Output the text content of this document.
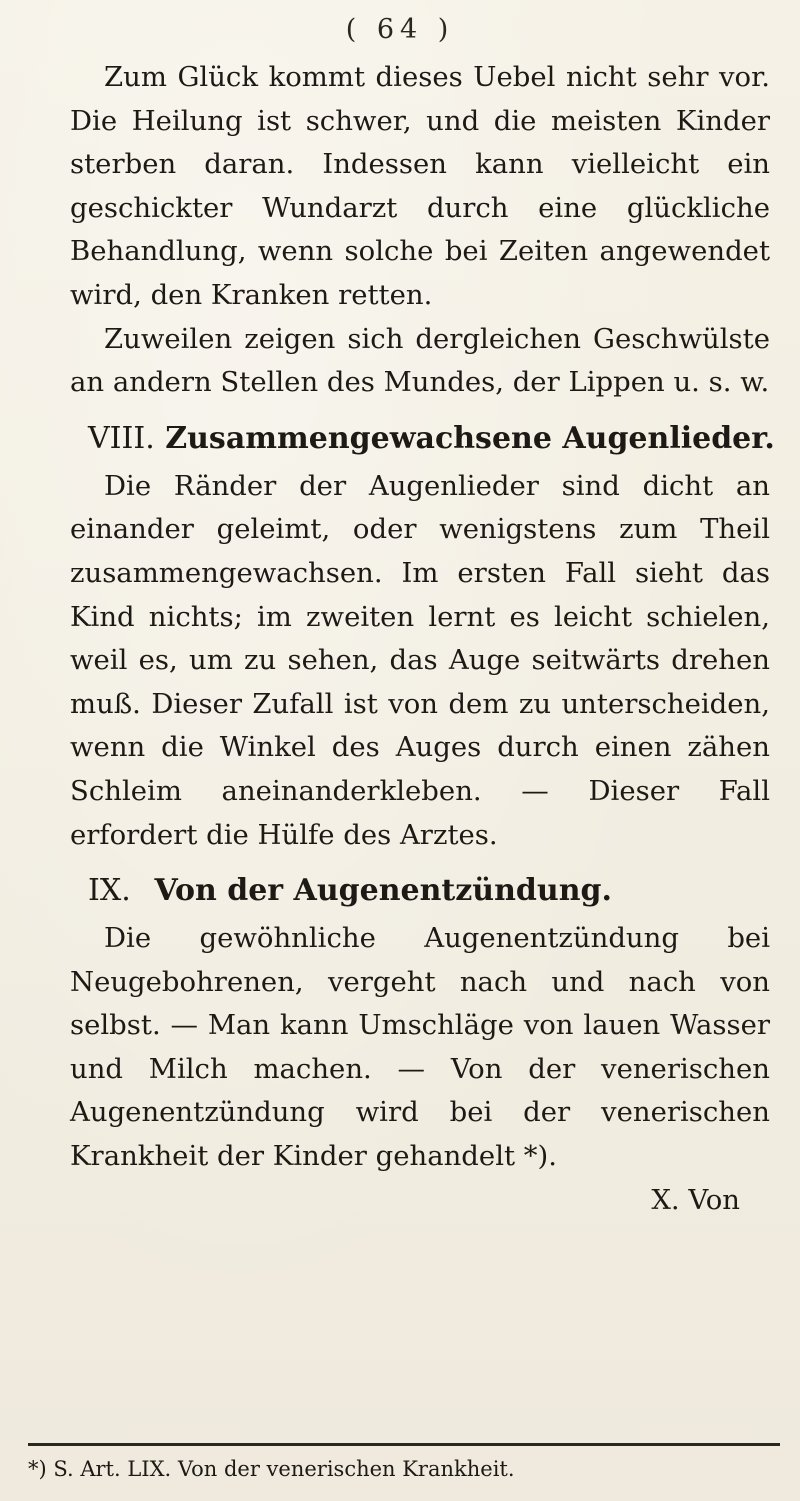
( 64 )

Zum Glück kommt dieses Uebel nicht sehr vor. Die Heilung ist schwer, und die meisten Kinder sterben daran. Indessen kann vielleicht ein geschickter Wundarzt durch eine glückliche Behandlung, wenn solche bei Zeiten angewendet wird, den Kranken retten.

Zuweilen zeigen sich dergleichen Geschwülste an andern Stellen des Mundes, der Lippen u. s. w.

VIII. Zusammengewachsene Augenlieder.

Die Ränder der Augenlieder sind dicht an einander geleimt, oder wenigstens zum Theil zusammengewachsen. Im ersten Fall sieht das Kind nichts; im zweiten lernt es leicht schielen, weil es, um zu sehen, das Auge seitwärts drehen muß. Dieser Zufall ist von dem zu unterscheiden, wenn die Winkel des Auges durch einen zähen Schleim aneinanderkleben. — Dieser Fall erfordert die Hülfe des Arztes.

IX. Von der Augenentzündung.

Die gewöhnliche Augenentzündung bei Neugebohrenen, vergeht nach und nach von selbst. — Man kann Umschläge von lauen Wasser und Milch machen. — Von der venerischen Augenentzündung wird bei der venerischen Krankheit der Kinder gehandelt *).

X. Von

*) S. Art. LIX. Von der venerischen Krankheit.
